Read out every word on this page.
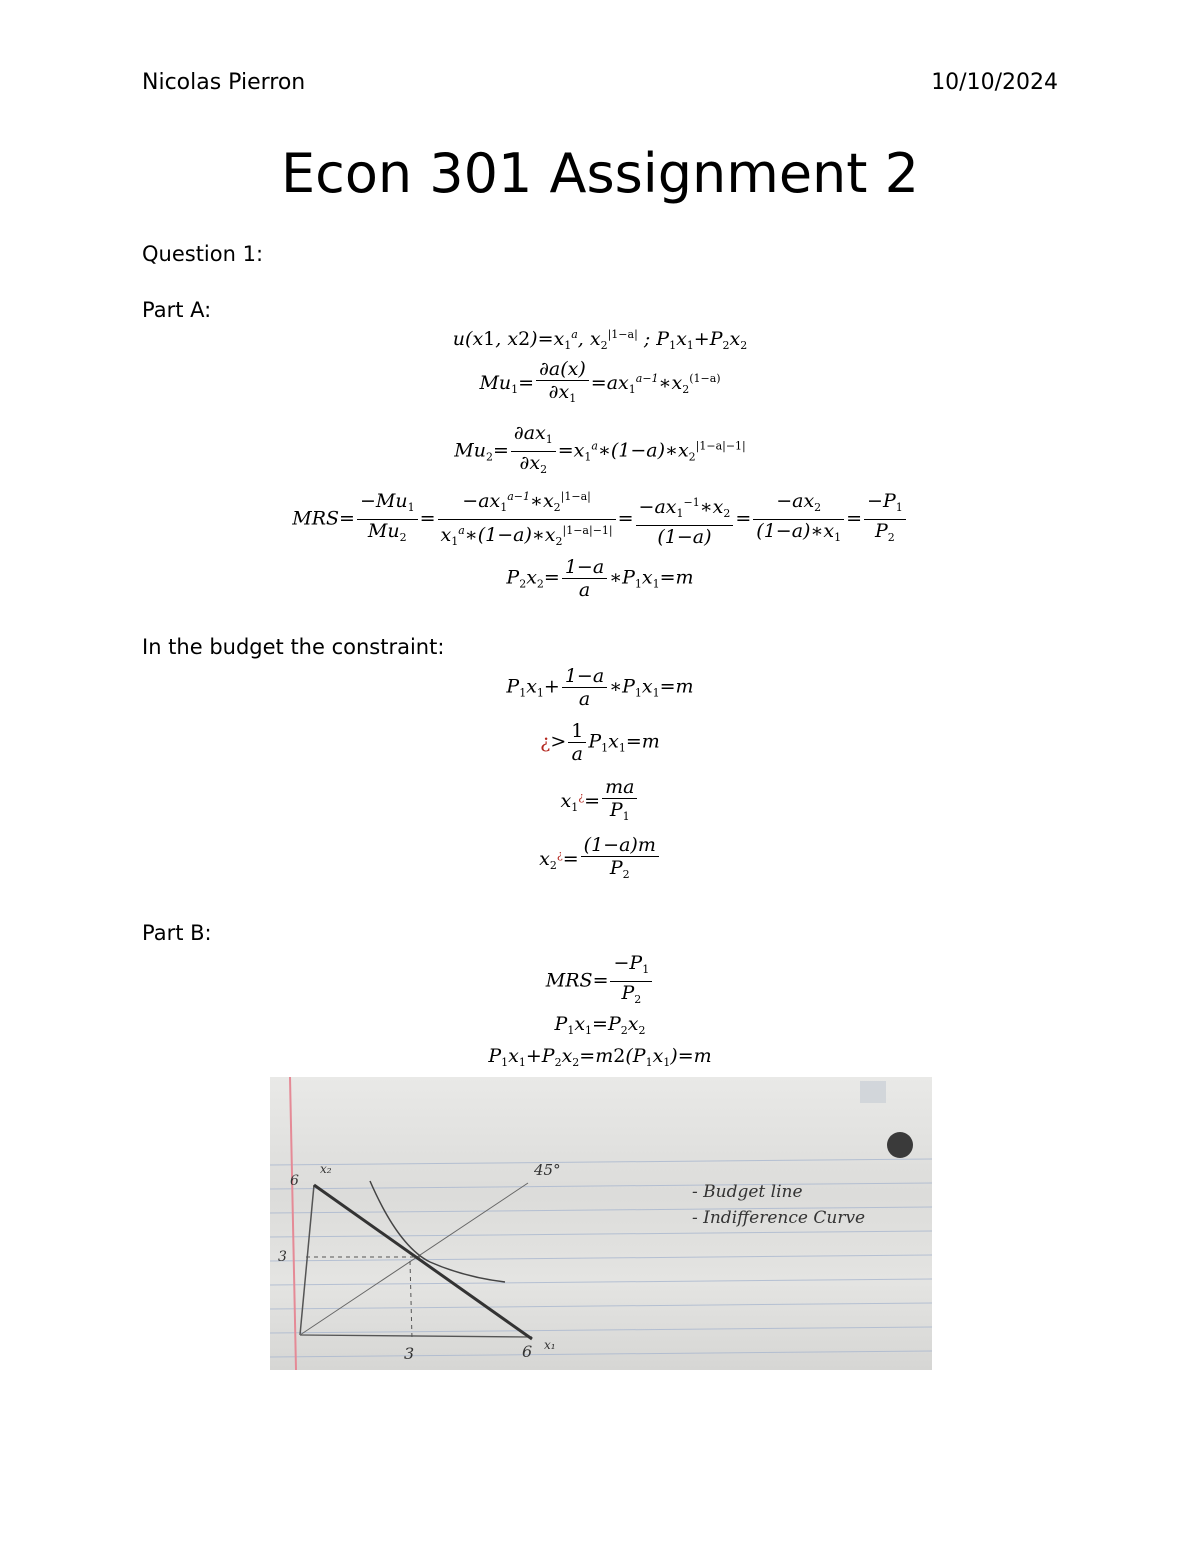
Nicolas Pierron	10/10/2024
Econ 301 Assignment 2
Question 1:
Part A:
u(x1, $x2)=x_1^a$, $x_2^{|1-a|}$ ; $P_1x_1+P_2x_2$
$Mu_1= \frac{\partial a(x)}{\partial x_1}$ $=ax_1^{a-1}∗x_2^{(1-a)}$
$Mu_2= \frac{\partial ax_1}{\partial x_2}$ $=x_1^a∗(1-a)∗x_2^{|1-a|-1|}$
$MRS= \frac{-Mu_1}{Mu_2} = \frac{-ax_1^{a-1}∗x_2^{|1-a|}}{x_1^a∗(1-a)∗x_2^{|1-a|-1|}} = \frac{-ax_1^{-1}∗x_2}{(1-a)} = \frac{-ax_2}{(1-a)∗x_1} = \frac{-P_1}{P_2}$
$P_2x_2= \frac{1-a}{a}$ $∗P_1x_1=m$
In the budget the constraint:
$P_1x_1+ \frac{1-a}{a}$ $∗P_1x_1=m$
¿> $\frac{1}{a} P_1x_1=m$
$x_1^¿= \frac{ma}{P_1}$
$x_2^¿= \frac{(1-a)m}{P_2}$
Part B:
$MRS= \frac{-P_1}{P_2}$
$P_1x_1=P_2x_2$
$P_1x_1+P_2x_2=m2(P_1x_1)=m$
6
3
3	6
x₂
x₁
45°
- Budget line
- Indifference Curve
